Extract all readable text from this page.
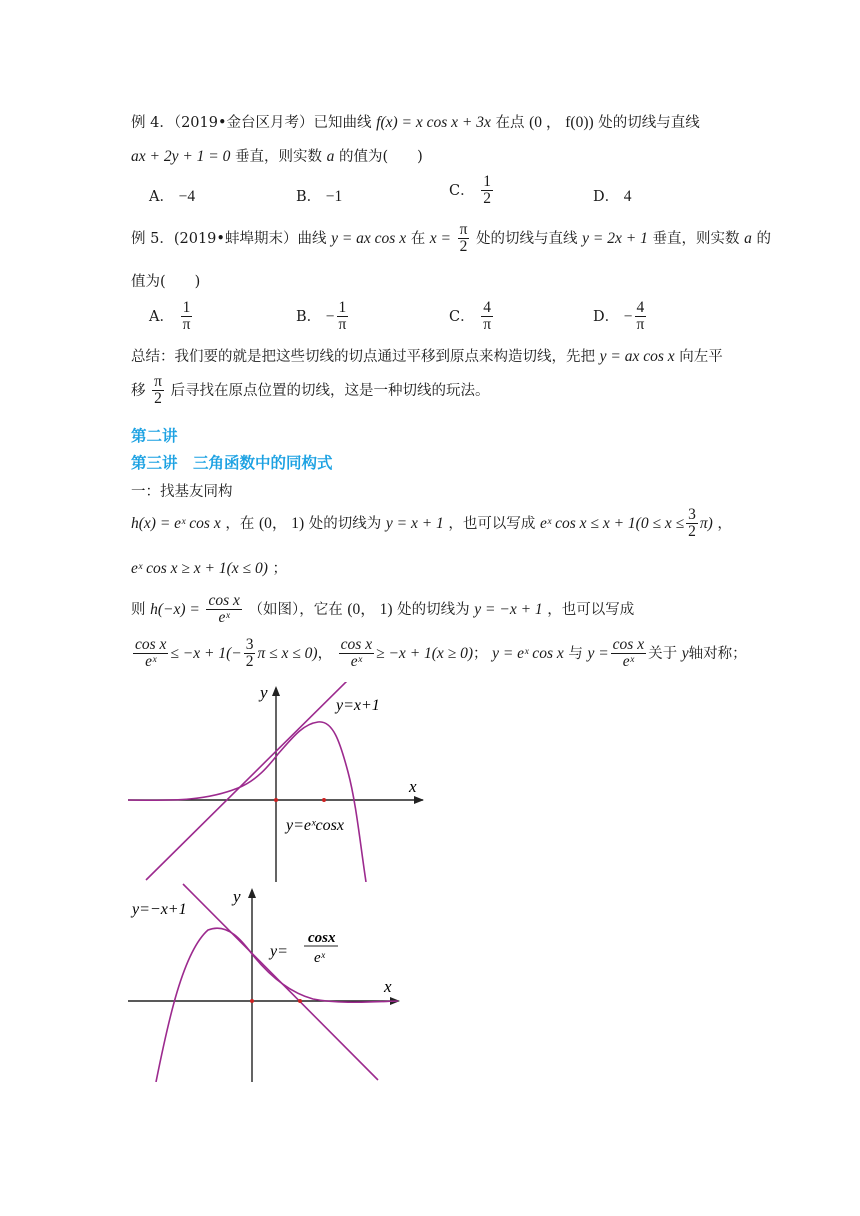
例 4．（2019•金台区月考）已知曲线 f(x) = x cos x + 3x 在点 (0 ， f(0)) 处的切线与直线
ax + 2y + 1 = 0 垂直，则实数 a 的值为(　　)
A． −4	B． −1	C． $\frac{1}{2}$	D． 4
例 5．(2019•蚌埠期末）曲线 y = ax cos x 在 $x = \frac{\pi}{2}$ 处的切线与直线 y = 2x + 1 垂直，则实数 a 的
值为(　　)
A． $\frac{1}{\pi}$	B． − $\frac{1}{\pi}$	C． $\frac{4}{\pi}$	D． − $\frac{4}{\pi}$
总结：我们要的就是把这些切线的切点通过平移到原点来构造切线，先把 y = ax cos x 向左平
移 $\frac{\pi}{2}$ 后寻找在原点位置的切线，这是一种切线的玩法。
第二讲
第三讲　三角函数中的同构式
一：找基友同构
h(x) = eˣ cos x ，在 (0， 1) 处的切线为 y = x + 1 ，也可以写成 eˣ $\cos x \le x + 1(0 \le x \le \frac{3}{2} \pi)$ ，
eˣ cos x ≥ x + 1(x ≤ 0) ；
则 $h(-x) = \frac{\text{cos x}}{\text{eˣ}}$ （如图），它在 (0， 1) 处的切线为 y = −x + 1 ，也可以写成
$\frac{\text{cos x}}{\text{eˣ}} \le -x + 1(- \frac{3}{2}$ π ≤ x ≤ 0)， $\frac{\text{cos x}}{\text{eˣ}} \ge -x + 1(x \ge 0)$； y = eˣ cos x 与 $y = \frac{\text{cos x}}{\text{eˣ}}$ 关于 y轴对称；
y
x
y=x+1
y=eˣcosx
y
x
y=−x+1
y=
cosx
eˣ
